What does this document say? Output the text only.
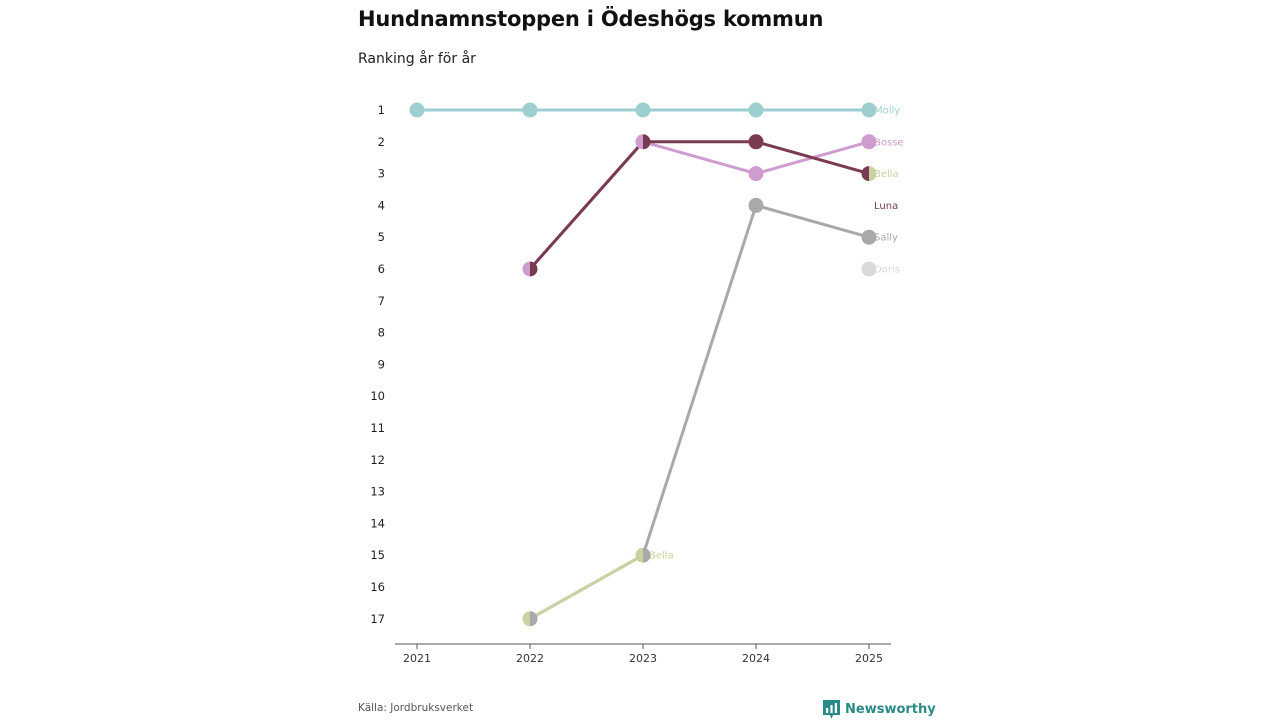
Hundnamnstoppen i Ödeshögs kommun

Ranking år för år

1
2
3
4
5
6
7
8
9
10
11
12
13
14
15
16
17
2021	2022	2023	2024	2025
Molly
Bosse
Bella
Luna
Sally
Doris
Bella
Källa: Jordbruksverket	Newsworthy
